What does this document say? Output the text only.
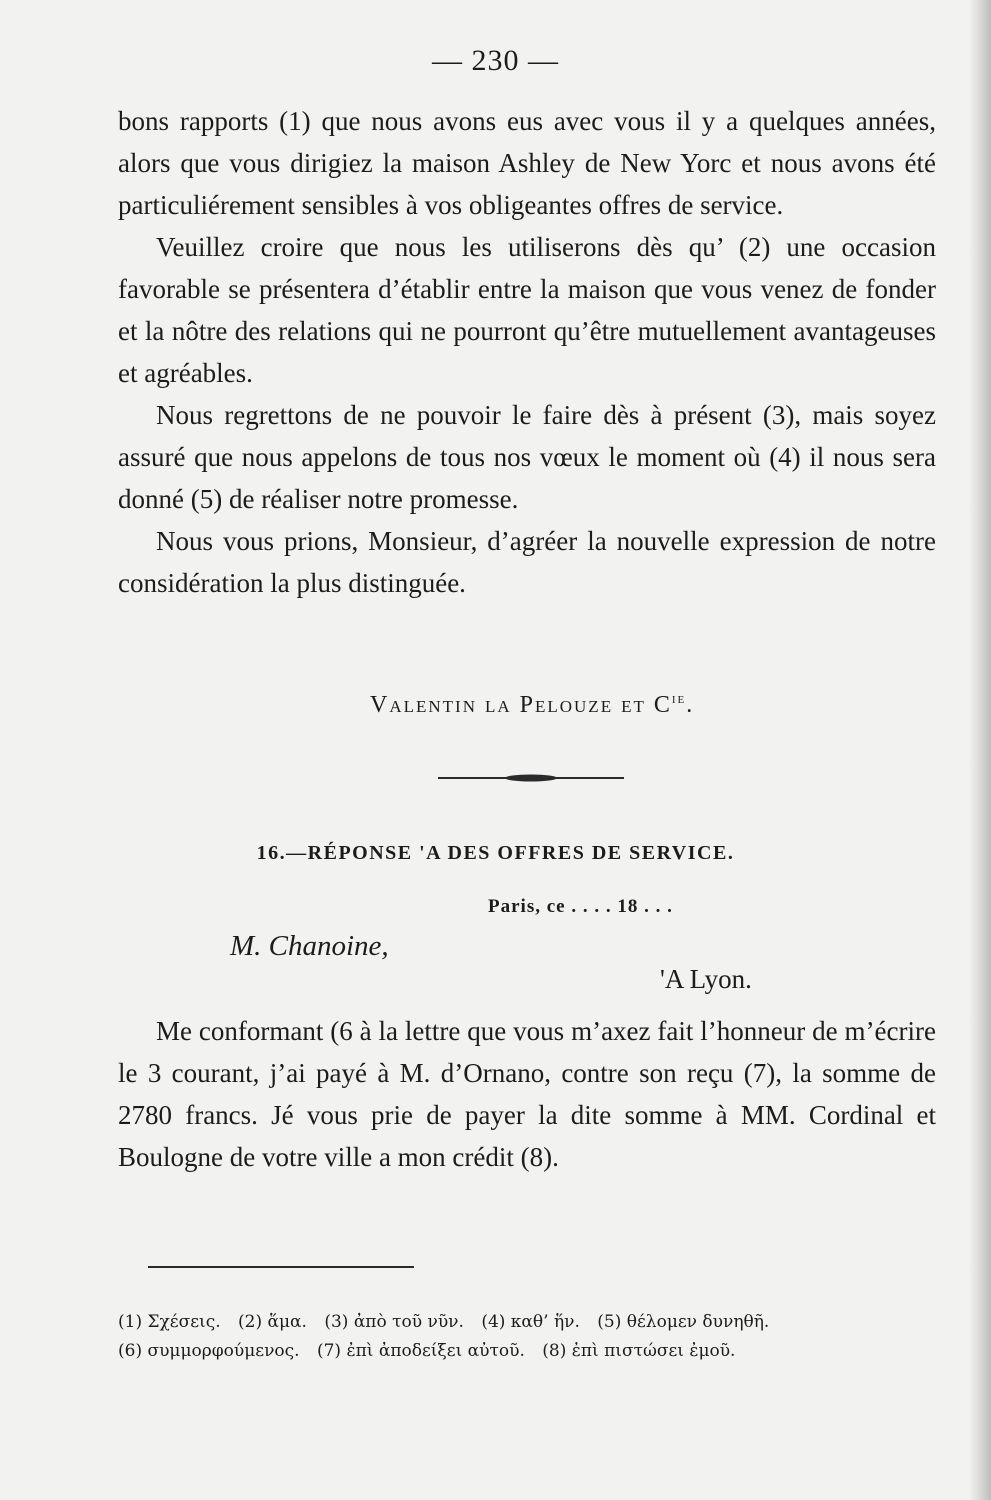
— 230 —

bons rapports (1) que nous avons eus avec vous il y a quelques années, alors que vous dirigiez la maison Ashley de New Yorc et nous avons été particuliérement sensibles à vos obligeantes offres de service.

Veuillez croire que nous les utiliserons dès qu’ (2) une occasion favorable se présentera d’établir entre la maison que vous venez de fonder et la nôtre des relations qui ne pourront qu’être mutuellement avantageuses et agréables.

Nous regrettons de ne pouvoir le faire dès à présent (3), mais soyez assuré que nous appelons de tous nos vœux le moment où (4) il nous sera donné (5) de réaliser notre promesse.

Nous vous prions, Monsieur, d’agréer la nouvelle expression de notre considération la plus distinguée.

Valentin la Pelouze et $C^{ie}$.
16.—RÉPONSE 'A DES OFFRES DE SERVICE.
Paris, ce . . . . 18 . . .
M. Chanoine,
'A Lyon.
Me conformant (6 à la lettre que vous m’axez fait l’honneur de m’écrire le 3 courant, j’ai payé à M. d’Ornano, contre son reçu (7), la somme de 2780 francs. Jé vous prie de payer la dite somme à MM. Cordinal et Boulogne de votre ville a mon crédit (8).
(1) Σχέσεις. (2) ἅμα. (3) ἀπὸ τοῦ νῦν. (4) καθ’ ἥν. (5) θέλομεν δυνηθῆ.
(6) συμμορφούμενος. (7) ἐπὶ ἀποδείξει αὐτοῦ. (8) ἐπὶ πιστώσει ἐμοῦ.
